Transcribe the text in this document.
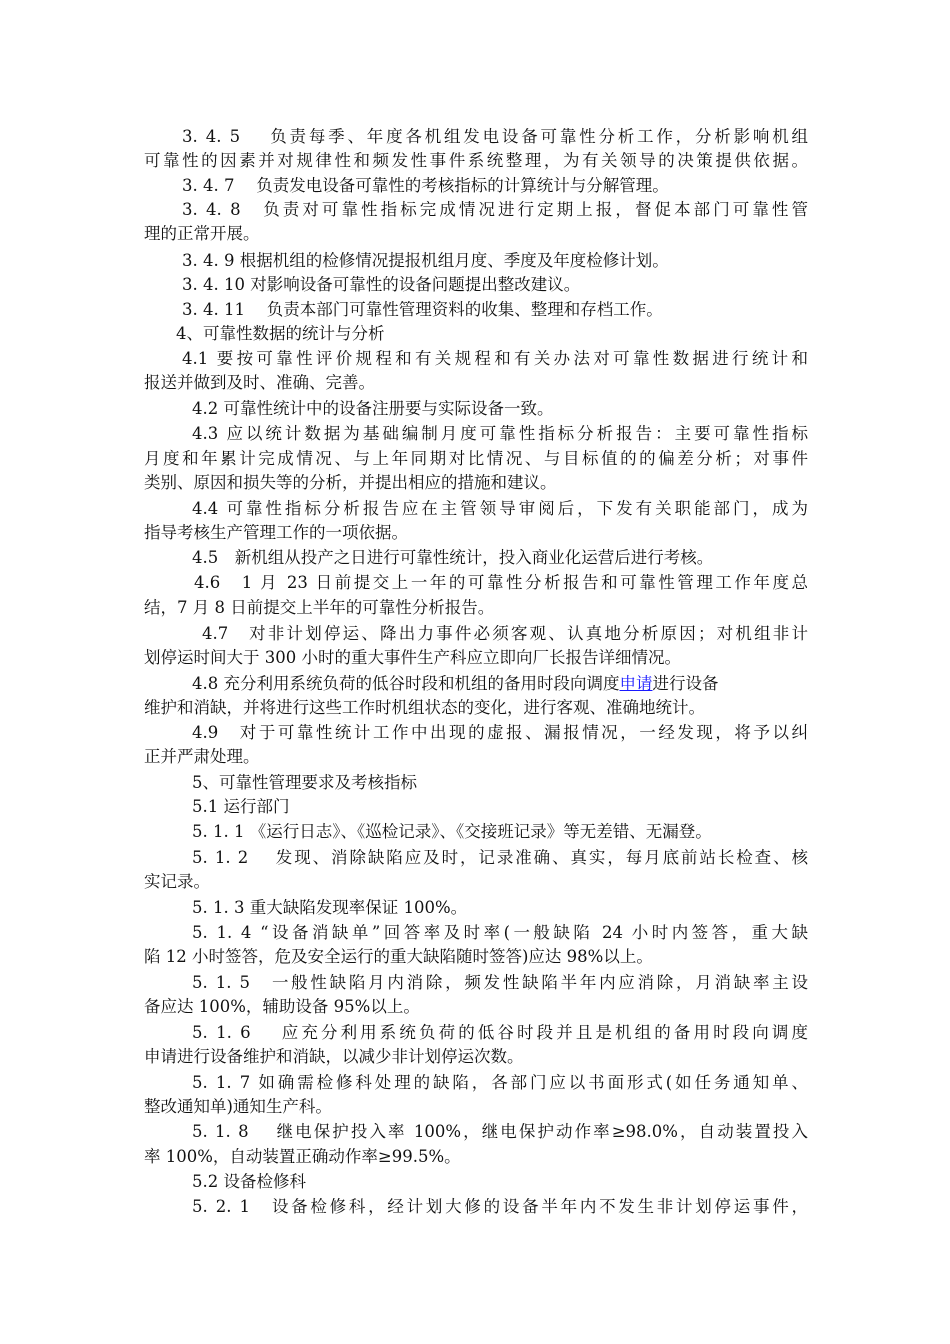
3. 4. 5　 负责每季、年度各机组发电设备可靠性分析工作，分析影响机组
可靠性的因素并对规律性和频发性事件系统整理，为有关领导的决策提供依据。
3. 4. 7　 负责发电设备可靠性的考核指标的计算统计与分解管理。
3. 4. 8　负责对可靠性指标完成情况进行定期上报，督促本部门可靠性管
理的正常开展。
3. 4. 9 根据机组的检修情况提报机组月度、季度及年度检修计划。
3. 4. 10 对影响设备可靠性的设备问题提出整改建议。
3. 4. 11　 负责本部门可靠性管理资料的收集、整理和存档工作。
4、可靠性数据的统计与分析
4.1 要按可靠性评价规程和有关规程和有关办法对可靠性数据进行统计和
报送并做到及时、准确、完善。
4.2 可靠性统计中的设备注册要与实际设备一致。
4.3 应以统计数据为基础编制月度可靠性指标分析报告：主要可靠性指标
月度和年累计完成情况、与上年同期对比情况、与目标值的的偏差分析；对事件
类别、原因和损失等的分析，并提出相应的措施和建议。
4.4 可靠性指标分析报告应在主管领导审阅后，下发有关职能部门，成为
指导考核生产管理工作的一项依据。
4.5　新机组从投产之日进行可靠性统计，投入商业化运营后进行考核。
4.6　1 月 23 日前提交上一年的可靠性分析报告和可靠性管理工作年度总
结，7 月 8 日前提交上半年的可靠性分析报告。
4.7　对非计划停运、降出力事件必须客观、认真地分析原因；对机组非计
划停运时间大于 300 小时的重大事件生产科应立即向厂长报告详细情况。
4.8 充分利用系统负荷的低谷时段和机组的备用时段向调度申请进行设备
维护和消缺，并将进行这些工作时机组状态的变化，进行客观、准确地统计。
4.9　对于可靠性统计工作中出现的虚报、漏报情况，一经发现，将予以纠
正并严肃处理。
5、可靠性管理要求及考核指标
5.1 运行部门
5. 1. 1 《运行日志》、《巡检记录》、《交接班记录》等无差错、无漏登。
5. 1. 2　 发现、消除缺陷应及时，记录准确、真实，每月底前站长检查、核
实记录。
5. 1. 3 重大缺陷发现率保证 100%。
5. 1. 4 “设备消缺单”回答率及时率(一般缺陷 24 小时内签答，重大缺
陷 12 小时签答，危及安全运行的重大缺陷随时签答)应达 98%以上。
5. 1. 5　一般性缺陷月内消除，频发性缺陷半年内应消除，月消缺率主设
备应达 100%，辅助设备 95%以上。
5. 1. 6　 应充分利用系统负荷的低谷时段并且是机组的备用时段向调度
申请进行设备维护和消缺，以减少非计划停运次数。
5. 1. 7 如确需检修科处理的缺陷，各部门应以书面形式(如任务通知单、
整改通知单)通知生产科。
5. 1. 8　 继电保护投入率 100%，继电保护动作率≥98.0%，自动装置投入
率 100%，自动装置正确动作率≥99.5%。
5.2 设备检修科
5. 2. 1　设备检修科，经计划大修的设备半年内不发生非计划停运事件，
